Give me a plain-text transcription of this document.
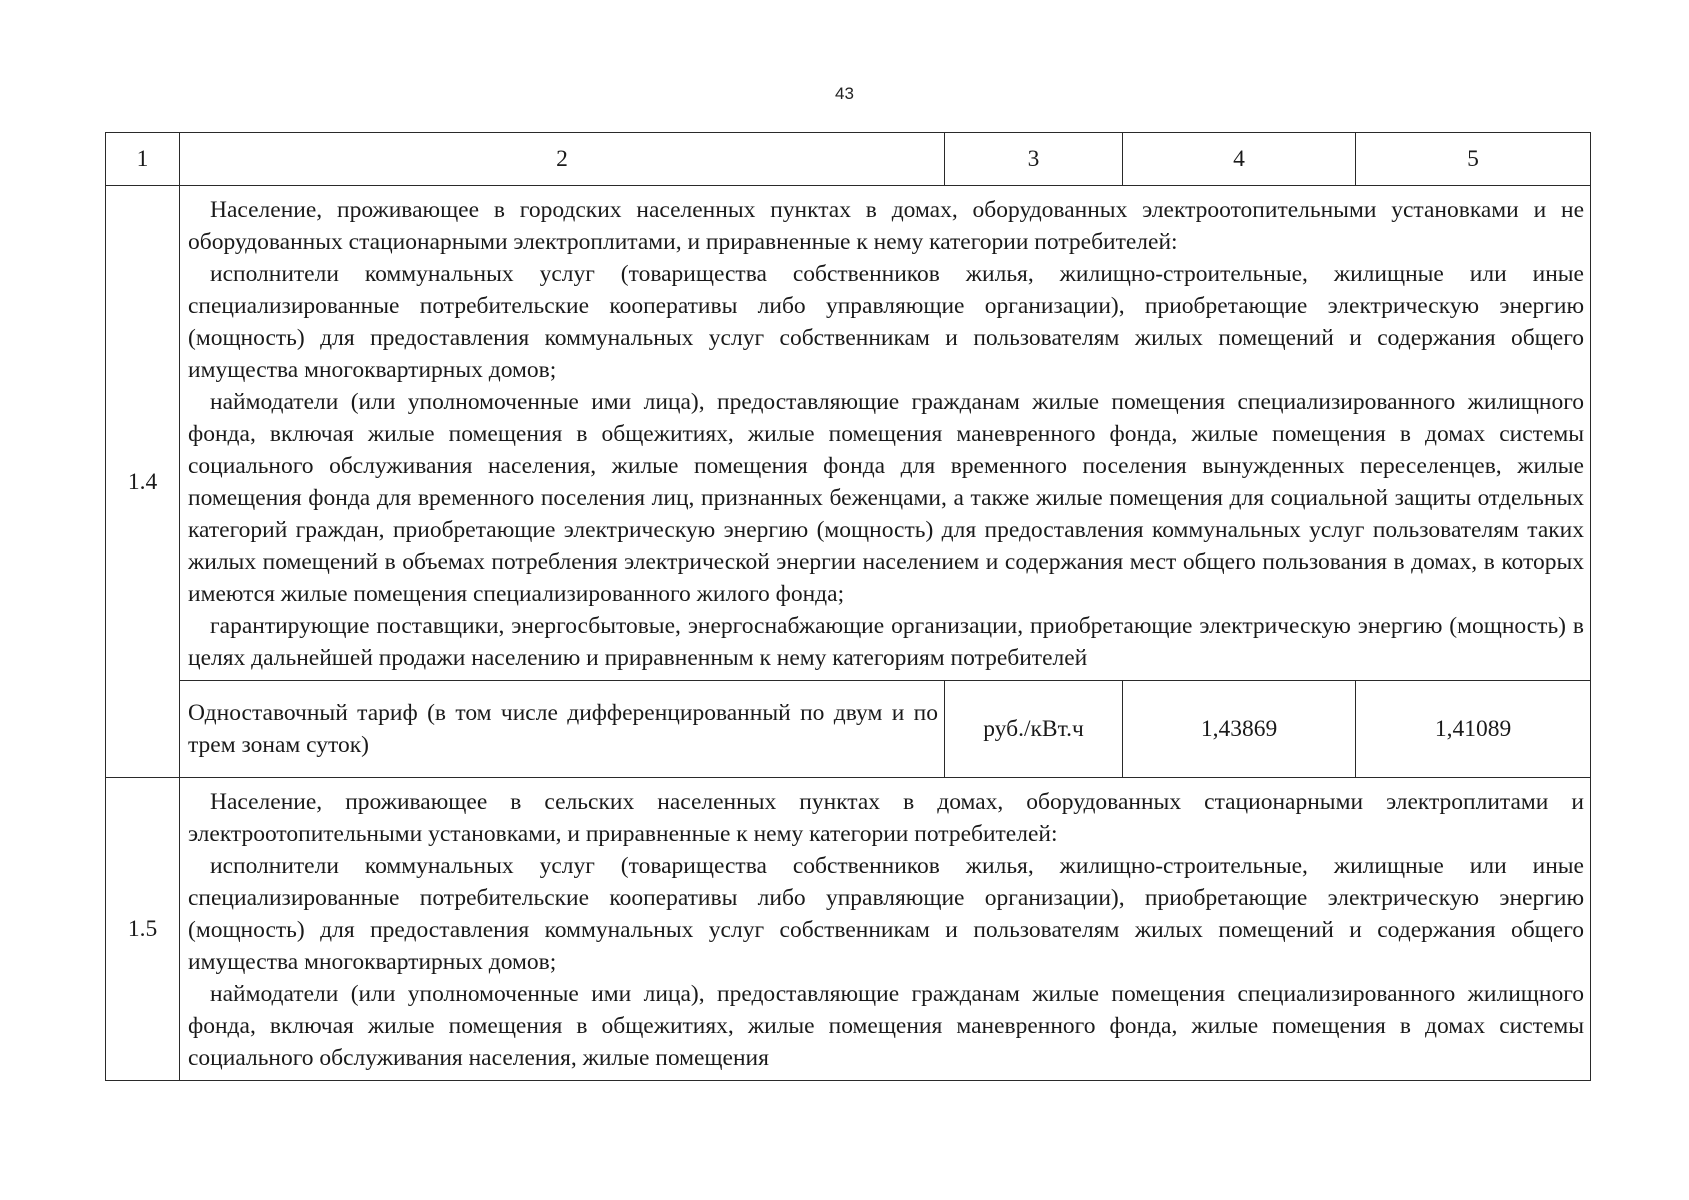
43
1	2	3	4	5
1.4	Население, проживающее в городских населенных пунктах в домах, оборудованных электроотопительными установками и не оборудованных стационарными электроплитами, и приравненные к нему категории потребителей:

исполнители коммунальных услуг (товарищества собственников жилья, жилищно-строительные, жилищные или иные специализированные потребительские кооперативы либо управляющие организации), приобретающие электрическую энергию (мощность) для предоставления коммунальных услуг собственникам и пользователям жилых помещений и содержания общего имущества многоквартирных домов;

наймодатели (или уполномоченные ими лица), предоставляющие гражданам жилые помещения специализированного жилищного фонда, включая жилые помещения в общежитиях, жилые помещения маневренного фонда, жилые помещения в домах системы социального обслуживания населения, жилые помещения фонда для временного поселения вынужденных переселенцев, жилые помещения фонда для временного поселения лиц, признанных беженцами, а также жилые помещения для социальной защиты отдельных категорий граждан, приобретающие электрическую энергию (мощность) для предоставления коммунальных услуг пользователям таких жилых помещений в объемах потребления электрической энергии населением и содержания мест общего пользования в домах, в которых имеются жилые помещения специализированного жилого фонда;

гарантирующие поставщики, энергосбытовые, энергоснабжающие организации, приобретающие электрическую энергию (мощность) в целях дальнейшей продажи населению и приравненным к нему категориям потребителей			

	Одноставочный тариф (в том числе дифференцированный по двум и по трем зонам суток)	руб./кВт.ч	1,43869	1,41089
1.5	Население, проживающее в сельских населенных пунктах в домах, оборудованных стационарными электроплитами и электроотопительными установками, и приравненные к нему категории потребителей:

исполнители коммунальных услуг (товарищества собственников жилья, жилищно-строительные, жилищные или иные специализированные потребительские кооперативы либо управляющие организации), приобретающие электрическую энергию (мощность) для предоставления коммунальных услуг собственникам и пользователям жилых помещений и содержания общего имущества многоквартирных домов;

наймодатели (или уполномоченные ими лица), предоставляющие гражданам жилые помещения специализированного жилищного фонда, включая жилые помещения в общежитиях, жилые помещения маневренного фонда, жилые помещения в домах системы социального обслуживания населения, жилые помещения			
